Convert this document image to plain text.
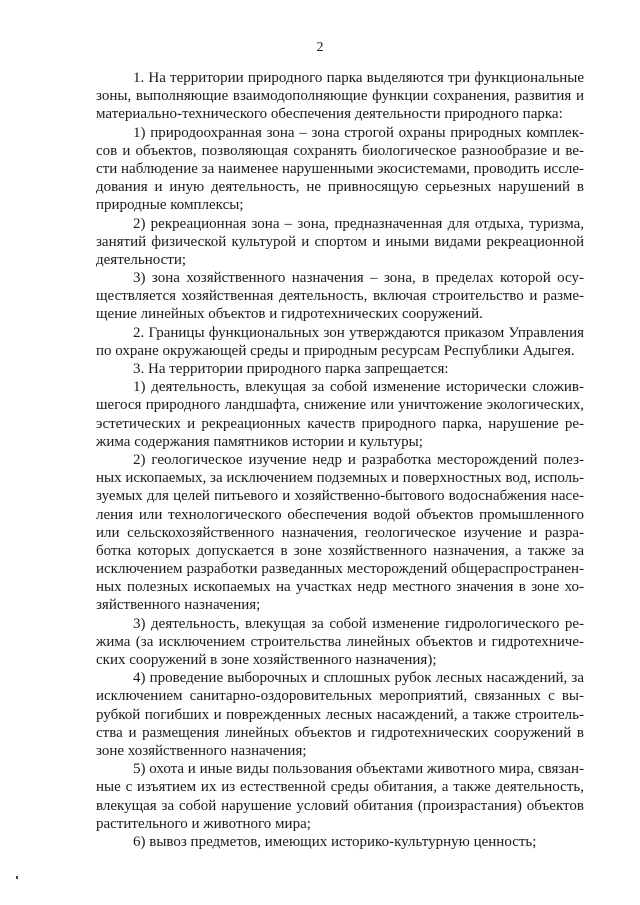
2
1. На территории природного парка выделяются три функциональные
зоны, выполняющие взаимодополняющие функции сохранения, развития и
материально-технического обеспечения деятельности природного парка:
1) природоохранная зона – зона строгой охраны природных комплек-
сов и объектов, позволяющая сохранять биологическое разнообразие и ве-
сти наблюдение за наименее нарушенными экосистемами, проводить иссле-
дования и иную деятельность, не привносящую серьезных нарушений в
природные комплексы;
2) рекреационная зона – зона, предназначенная для отдыха, туризма,
занятий физической культурой и спортом и иными видами рекреационной
деятельности;
3) зона хозяйственного назначения – зона, в пределах которой осу-
ществляется хозяйственная деятельность, включая строительство и разме-
щение линейных объектов и гидротехнических сооружений.
2. Границы функциональных зон утверждаются приказом Управления
по охране окружающей среды и природным ресурсам Республики Адыгея.
3. На территории природного парка запрещается:
1) деятельность, влекущая за собой изменение исторически сложив-
шегося природного ландшафта, снижение или уничтожение экологических,
эстетических и рекреационных качеств природного парка, нарушение ре-
жима содержания памятников истории и культуры;
2) геологическое изучение недр и разработка месторождений полез-
ных ископаемых, за исключением подземных и поверхностных вод, исполь-
зуемых для целей питьевого и хозяйственно-бытового водоснабжения насе-
ления или технологического обеспечения водой объектов промышленного
или сельскохозяйственного назначения, геологическое изучение и разра-
ботка которых допускается в зоне хозяйственного назначения, а также за
исключением разработки разведанных месторождений общераспространен-
ных полезных ископаемых на участках недр местного значения в зоне хо-
зяйственного назначения;
3) деятельность, влекущая за собой изменение гидрологического ре-
жима (за исключением строительства линейных объектов и гидротехниче-
ских сооружений в зоне хозяйственного назначения);
4) проведение выборочных и сплошных рубок лесных насаждений, за
исключением санитарно-оздоровительных мероприятий, связанных с вы-
рубкой погибших и поврежденных лесных насаждений, а также строитель-
ства и размещения линейных объектов и гидротехнических сооружений в
зоне хозяйственного назначения;
5) охота и иные виды пользования объектами животного мира, связан-
ные с изъятием их из естественной среды обитания, а также деятельность,
влекущая за собой нарушение условий обитания (произрастания) объектов
растительного и животного мира;
6) вывоз предметов, имеющих историко-культурную ценность;
